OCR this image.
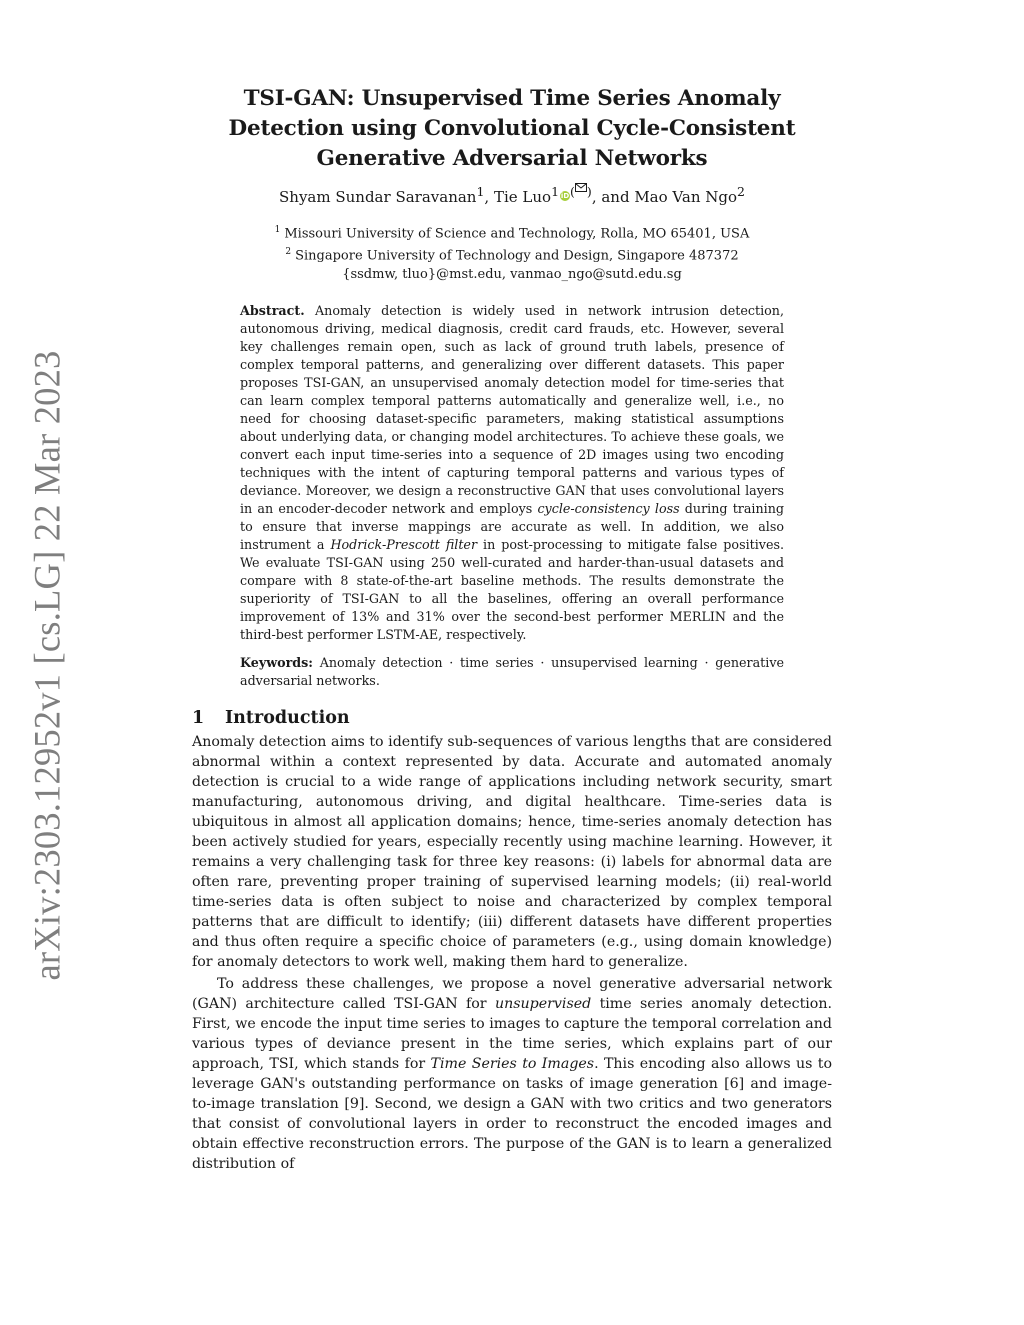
arXiv:2303.12952v1 [cs.LG] 22 Mar 2023
TSI-GAN: Unsupervised Time Series Anomaly
Detection using Convolutional Cycle-Consistent
Generative Adversarial Networks
Shyam Sundar Saravanan$^1$, Tie Luo$^1$ iD( ), and Mao Van Ngo$^2$
$^1$ Missouri University of Science and Technology, Rolla, MO 65401, USA
$^2$ Singapore University of Technology and Design, Singapore 487372
{ssdmw, tluo}@mst.edu, vanmao_ngo@sutd.edu.sg

Abstract. Anomaly detection is widely used in network intrusion detection, autonomous driving, medical diagnosis, credit card frauds, etc. However, several key challenges remain open, such as lack of ground truth labels, presence of complex temporal patterns, and generalizing over different datasets. This paper proposes TSI-GAN, an unsupervised anomaly detection model for time-series that can learn complex temporal patterns automatically and generalize well, i.e., no need for choosing dataset-specific parameters, making statistical assumptions about underlying data, or changing model architectures. To achieve these goals, we convert each input time-series into a sequence of 2D images using two encoding techniques with the intent of capturing temporal patterns and various types of deviance. Moreover, we design a reconstructive GAN that uses convolutional layers in an encoder-decoder network and employs cycle-consistency loss during training to ensure that inverse mappings are accurate as well. In addition, we also instrument a Hodrick-Prescott filter in post-processing to mitigate false positives. We evaluate TSI-GAN using 250 well-curated and harder-than-usual datasets and compare with 8 state-of-the-art baseline methods. The results demonstrate the superiority of TSI-GAN to all the baselines, offering an overall performance improvement of 13% and 31% over the second-best performer MERLIN and the third-best performer LSTM-AE, respectively.

Keywords: Anomaly detection · time series · unsupervised learning · generative adversarial networks.

1 Introduction

Anomaly detection aims to identify sub-sequences of various lengths that are considered abnormal within a context represented by data. Accurate and automated anomaly detection is crucial to a wide range of applications including network security, smart manufacturing, autonomous driving, and digital healthcare. Time-series data is ubiquitous in almost all application domains; hence, time-series anomaly detection has been actively studied for years, especially recently using machine learning. However, it remains a very challenging task for three key reasons: (i) labels for abnormal data are often rare, preventing proper training of supervised learning models; (ii) real-world time-series data is often subject to noise and characterized by complex temporal patterns that are difficult to identify; (iii) different datasets have different properties and thus often require a specific choice of parameters (e.g., using domain knowledge) for anomaly detectors to work well, making them hard to generalize.

To address these challenges, we propose a novel generative adversarial network (GAN) architecture called TSI-GAN for unsupervised time series anomaly detection. First, we encode the input time series to images to capture the temporal correlation and various types of deviance present in the time series, which explains part of our approach, TSI, which stands for Time Series to Images. This encoding also allows us to leverage GAN's outstanding performance on tasks of image generation [6] and image-to-image translation [9]. Second, we design a GAN with two critics and two generators that consist of convolutional layers in order to reconstruct the encoded images and obtain effective reconstruction errors. The purpose of the GAN is to learn a generalized distribution of
